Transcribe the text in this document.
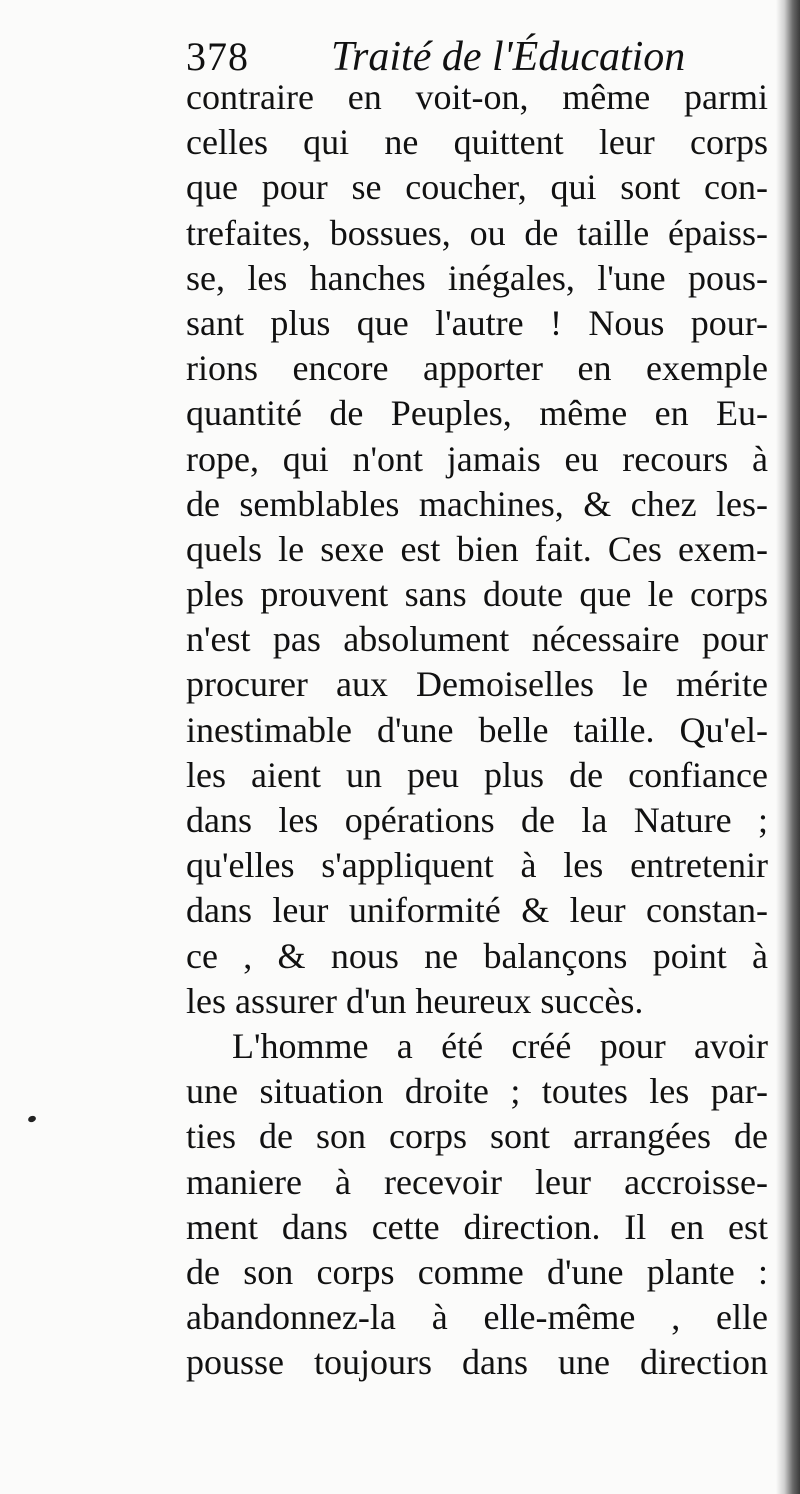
378 Traité de l'Éducation
contraire en voit-on, même parmi
celles qui ne quittent leur corps
que pour se coucher, qui sont con-
trefaites, bossues, ou de taille épaiss-
se, les hanches inégales, l'une pous-
sant plus que l'autre ! Nous pour-
rions encore apporter en exemple
quantité de Peuples, même en Eu-
rope, qui n'ont jamais eu recours à
de semblables machines, & chez les-
quels le sexe est bien fait. Ces exem-
ples prouvent sans doute que le corps
n'est pas absolument nécessaire pour
procurer aux Demoiselles le mérite
inestimable d'une belle taille. Qu'el-
les aient un peu plus de confiance
dans les opérations de la Nature ;
qu'elles s'appliquent à les entretenir
dans leur uniformité & leur constan-
ce , & nous ne balançons point à
les assurer d'un heureux succès.
L'homme a été créé pour avoir
une situation droite ; toutes les par-
ties de son corps sont arrangées de
maniere à recevoir leur accroisse-
ment dans cette direction. Il en est
de son corps comme d'une plante :
abandonnez-la à elle-même , elle
pousse toujours dans une direction
